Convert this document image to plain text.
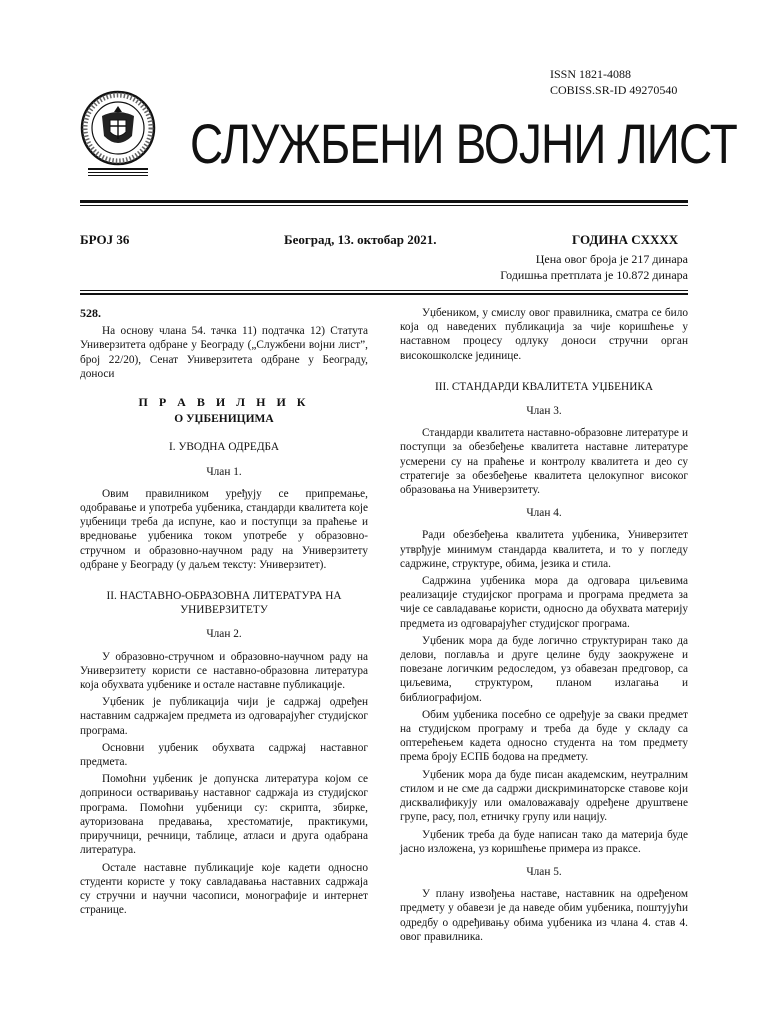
ISSN 1821-4088
COBISS.SR-ID 49270540
СЛУЖБЕНИ ВОЈНИ ЛИСТ
БРОЈ 36	Београд, 13. октобар 2021.	ГОДИНА CXXXX
Цена овог броја је 217 динара
Годишња претплата је 10.872 динара

528.

На основу члана 54. тачка 11) подтачка 12) Статута Универзитета одбране у Београду („Службени војни лист”, број 22/20), Сенат Универзитета одбране у Београду, доноси

П Р А В И Л Н И К

О УЏБЕНИЦИМА

I. УВОДНА ОДРЕДБА

Члан 1.

Овим правилником уређују се припремање, одобравање и употреба уџбеника, стандарди квалитета које уџбеници треба да испуне, као и поступци за праћење и вредновање уџбеника током употребе у образовно-стручном и образовно-научном раду на Универзитету одбране у Београду (у даљем тексту: Универзитет).

II. НАСТАВНО-ОБРАЗОВНА ЛИТЕРАТУРА НА УНИВЕРЗИТЕТУ

Члан 2.

У образовно-стручном и образовно-научном раду на Универзитету користи се наставно-образовна литература која обухвата уџбенике и остале наставне публикације.

Уџбеник је публикација чији је садржај одређен наставним садржајем предмета из одговарајућег студијског програма.

Основни уџбеник обухвата садржај наставног предмета.

Помоћни уџбеник је допунска литература којом се доприноси остваривању наставног садржаја из студијског програма. Помоћни уџбеници су: скрипта, збирке, ауторизована предавања, хрестоматије, практикуми, приручници, речници, таблице, атласи и друга одабрана литература.

Остале наставне публикације које кадети односно студенти користе у току савладавања наставних садржаја су стручни и научни часописи, монографије и интернет странице.

Уџбеником, у смислу овог правилника, сматра се било која од наведених публикација за чије коришћење у наставном процесу одлуку доноси стручни орган високошколске јединице.

III. СТАНДАРДИ КВАЛИТЕТА УЏБЕНИКА

Члан 3.

Стандарди квалитета наставно-образовне литературе и поступци за обезбеђење квалитета наставне литературе усмерени су на праћење и контролу квалитета и део су стратегије за обезбеђење квалитета целокупног високог образовања на Универзитету.

Члан 4.

Ради обезбеђења квалитета уџбеника, Универзитет утврђује минимум стандарда квалитета, и то у погледу садржине, структуре, обима, језика и стила.

Садржина уџбеника мора да одговара циљевима реализације студијског програма и програма предмета за чије се савладавање користи, односно да обухвата материју предмета из одговарајућег студијског програма.

Уџбеник мора да буде логично структуриран тако да делови, поглавља и друге целине буду заокружене и повезане логичким редоследом, уз обавезан предговор, са циљевима, структуром, планом излагања и библиографијом.

Обим уџбеника посебно се одређује за сваки предмет на студијском програму и треба да буде у складу са оптерећењем кадета односно студента на том предмету према броју ЕСПБ бодова на предмету.

Уџбеник мора да буде писан академским, неутралним стилом и не сме да садржи дискриминаторске ставове који дисквалификују или омаловажавају одређене друштвене групе, расу, пол, етничку групу или нацију.

Уџбеник треба да буде написан тако да материја буде јасно изложена, уз коришћење примера из праксе.

Члан 5.

У плану извођења наставе, наставник на одређеном предмету у обавези је да наведе обим уџбеника, поштујући одредбу о одређивању обима уџбеника из члана 4. став 4. овог правилника.
